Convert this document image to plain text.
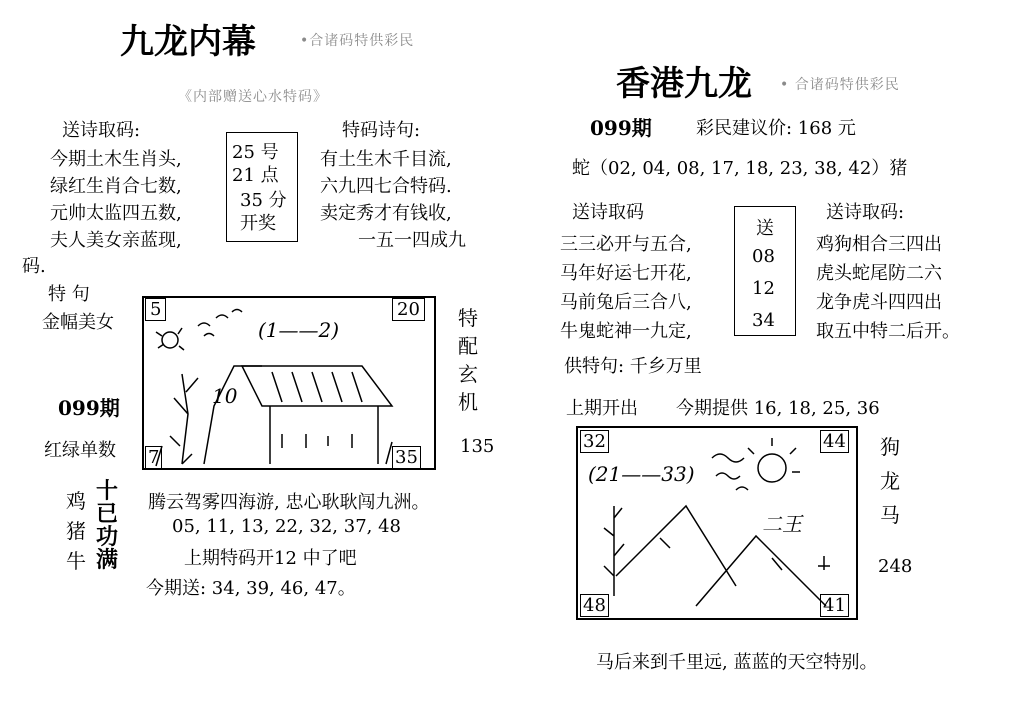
九龙内幕	•合诸码特供彩民
《内部赠送心水特码》
送诗取码:
今期土木生肖头,
绿红生肖合七数,
元帅太监四五数,
夫人美女亲蓝现,
25 号
21 点
35 分
开奖
特码诗句:
有土生木千目流,
六九四七合特码.
卖定秀才有钱收,
一五一四成九
码.
特 句
金幅美女
099期
红绿单数
5	20
7	35
(1——2)
10
特
配
玄
机
135
鸡
猪
牛
十
已
功
满
腾云驾雾四海游, 忠心耿耿闯九洲。
05, 11, 13, 22, 32, 37, 48
上期特码开12 中了吧
今期送: 34, 39, 46, 47。
香港九龙 • 合诸码特供彩民
099期 彩民建议价: 168 元
蛇（02, 04, 08, 17, 18, 23, 38, 42）猪
送诗取码
三三必开与五合,
马年好运七开花,
马前兔后三合八,
牛鬼蛇神一九定,
送
08
12
34
送诗取码:
鸡狗相合三四出
虎头蛇尾防二六
龙争虎斗四四出
取五中特二后开。
供特句: 千乡万里
上期开出 今期提供 16, 18, 25, 36
32	44
48	41
(21——33)
二王
狗
龙
马
248
马后来到千里远, 蓝蓝的天空特别。
